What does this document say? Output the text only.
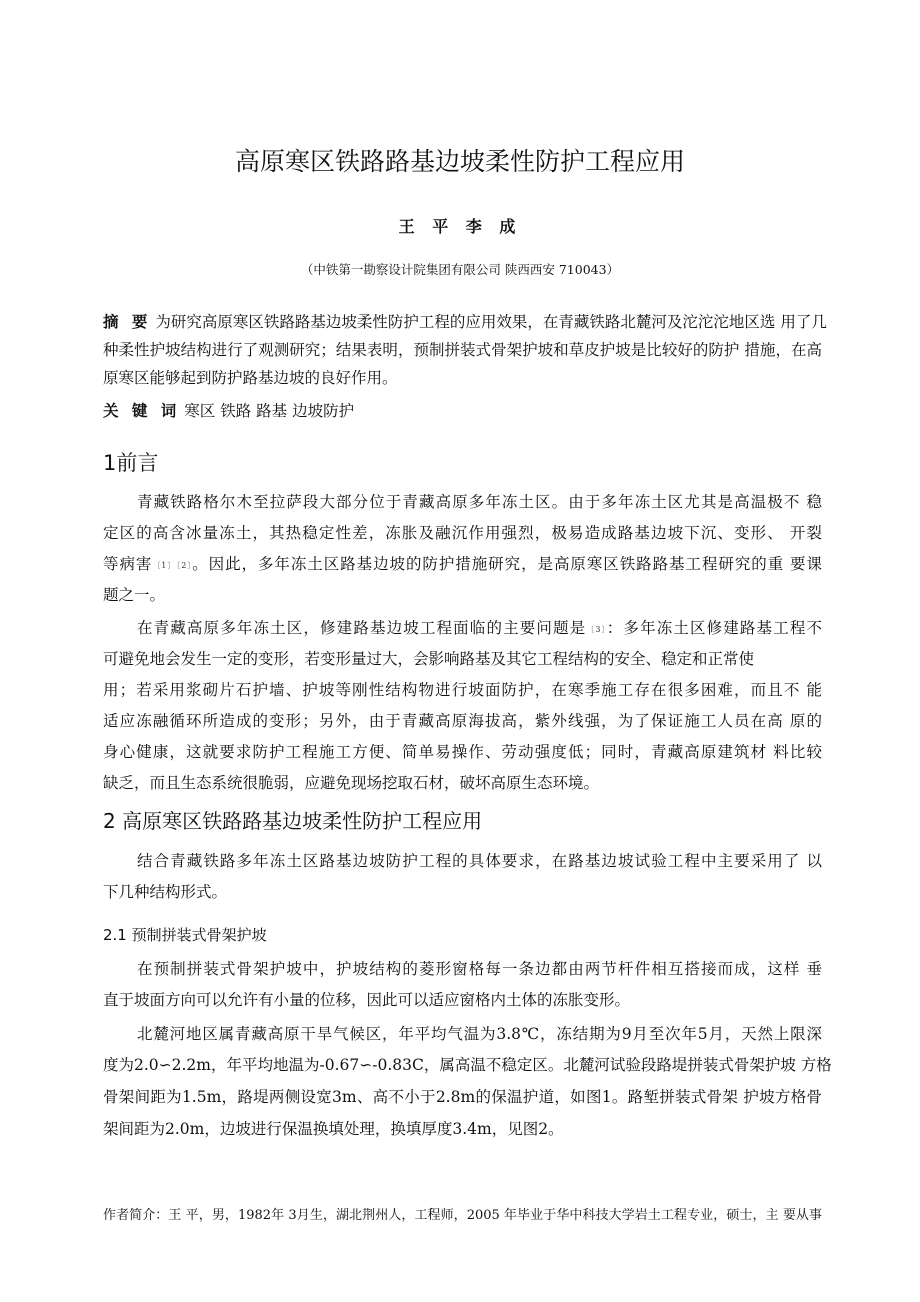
高原寒区铁路路基边坡柔性防护工程应用
王 平 李 成
（中铁第一勘察设计院集团有限公司 陕西西安 710043）
摘 要 为研究高原寒区铁路路基边坡柔性防护工程的应用效果，在青藏铁路北麓河及沱沱沱地区选 用了几
种柔性护坡结构进行了观测研究；结果表明，预制拼装式骨架护坡和草皮护坡是比较好的防护 措施，在高
原寒区能够起到防护路基边坡的良好作用。
关 键 词 寒区 铁路 路基 边坡防护
1前言
青藏铁路格尔木至拉萨段大部分位于青藏高原多年冻土区。由于多年冻土区尤其是高温极不 稳
定区的高含冰量冻土，其热稳定性差，冻胀及融沉作用强烈，极易造成路基边坡下沉、变形、 开裂
等病害〔1〕〔2〕。因此，多年冻土区路基边坡的防护措施研究，是高原寒区铁路路基工程研究的重 要课
题之一。
在青藏高原多年冻土区，修建路基边坡工程面临的主要问题是〔3〕：多年冻土区修建路基工程不
可避免地会发生一定的变形，若变形量过大，会影响路基及其它工程结构的安全、稳定和正常使
用；若采用浆砌片石护墙、护坡等刚性结构物进行坡面防护，在寒季施工存在很多困难，而且不 能
适应冻融循环所造成的变形；另外，由于青藏高原海拔高，紫外线强，为了保证施工人员在高 原的
身心健康，这就要求防护工程施工方便、简单易操作、劳动强度低；同时，青藏高原建筑材 料比较
缺乏，而且生态系统很脆弱，应避免现场挖取石材，破坏高原生态环境。
2 高原寒区铁路路基边坡柔性防护工程应用
结合青藏铁路多年冻土区路基边坡防护工程的具体要求，在路基边坡试验工程中主要采用了 以
下几种结构形式。
2.1 预制拼装式骨架护坡
在预制拼装式骨架护坡中，护坡结构的菱形窗格每一条边都由两节杆件相互搭接而成，这样 垂
直于坡面方向可以允许有小量的位移，因此可以适应窗格内土体的冻胀变形。
北麓河地区属青藏高原干旱气候区，年平均气温为3.8℃，冻结期为9月至次年5月，天然上限深
度为2.0∽2.2m，年平均地温为-0.67∽-0.83C，属高温不稳定区。北麓河试验段路堤拼装式骨架护坡 方格
骨架间距为1.5m，路堤两侧设宽3m、高不小于2.8m的保温护道，如图1。路堑拼装式骨架 护坡方格骨
架间距为2.0m，边坡进行保温换填处理，换填厚度3.4m，见图2。
作者简介：王 平，男，1982年 3月生，湖北荆州人，工程师，2005 年毕业于华中科技大学岩土工程专业，硕士，主 要从事
